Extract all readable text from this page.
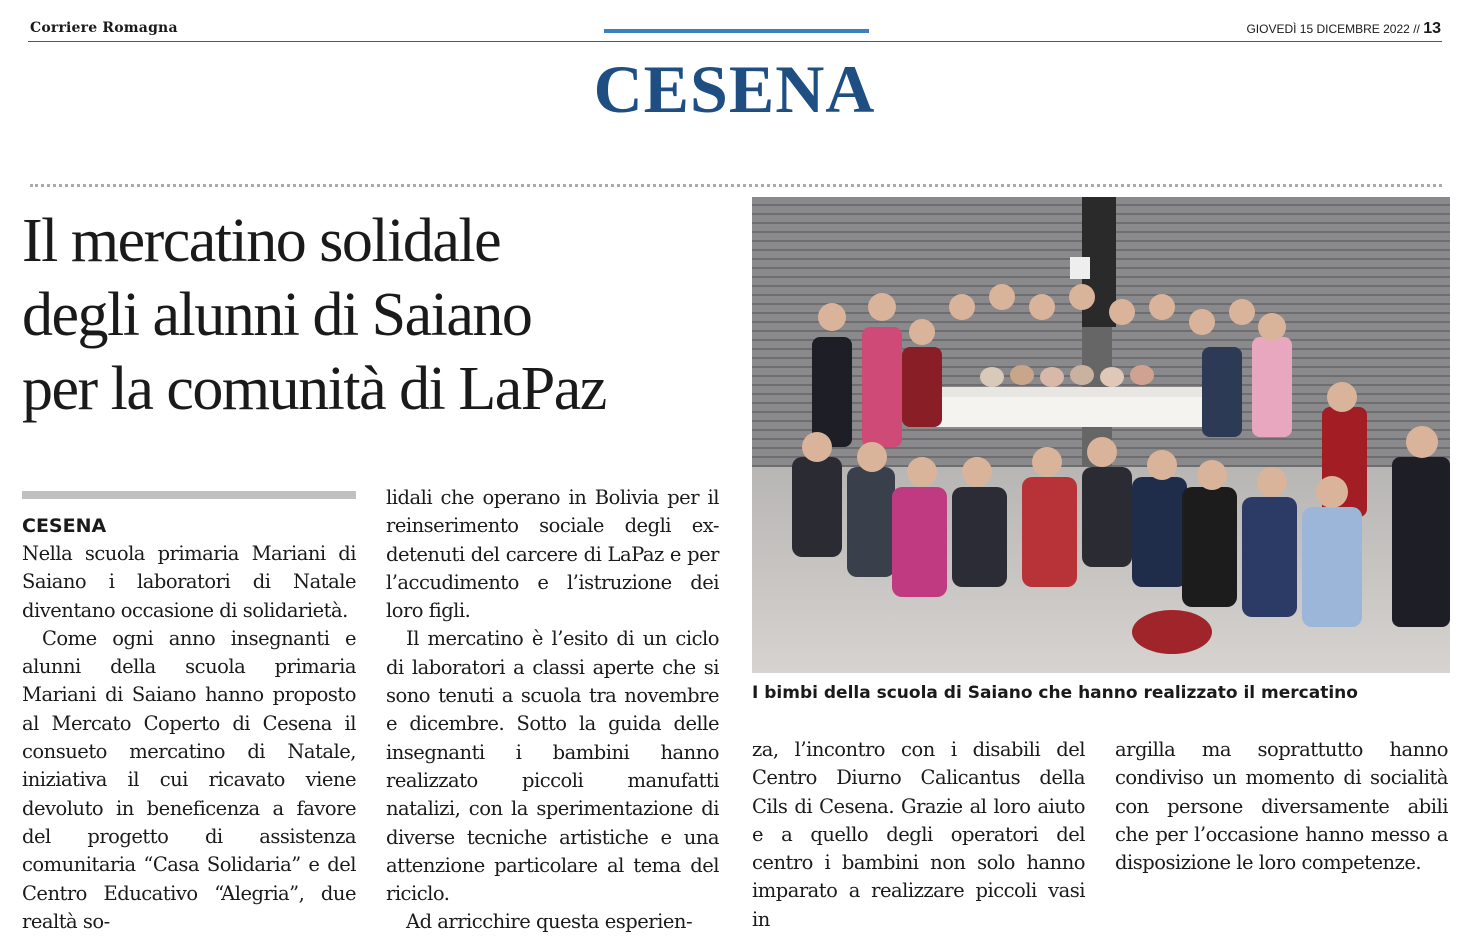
Corriere Romagna	GIOVEDÌ 15 DICEMBRE 2022 // 13
CESENA
Il mercatino solidale
degli alunni di Saiano
per la comunità di LaPaz
CESENA

Nella scuola primaria Mariani di Saiano i laboratori di Natale diventano occasione di solidarietà.

Come ogni anno insegnanti e alunni della scuola primaria Mariani di Saiano hanno proposto al Mercato Coperto di Cesena il consueto mercatino di Natale, iniziativa il cui ricavato viene devoluto in beneficenza a favore del progetto di assistenza comunitaria “Casa Solidaria” e del Centro Educativo “Alegria”, due realtà so-

lidali che operano in Bolivia per il reinserimento sociale degli ex-detenuti del carcere di LaPaz e per l’accudimento e l’istruzione dei loro figli.

Il mercatino è l’esito di un ciclo di laboratori a classi aperte che si sono tenuti a scuola tra novembre e dicembre. Sotto la guida delle insegnanti i bambini hanno realizzato piccoli manufatti natalizi, con la sperimentazione di diverse tecniche artistiche e una attenzione particolare al tema del riciclo.

Ad arricchire questa esperien-

I bimbi della scuola di Saiano che hanno realizzato il mercatino

za, l’incontro con i disabili del Centro Diurno Calicantus della Cils di Cesena. Grazie al loro aiuto e a quello degli operatori del centro i bambini non solo hanno imparato a realizzare piccoli vasi in

argilla ma soprattutto hanno condiviso un momento di socialità con persone diversamente abili che per l’occasione hanno messo a disposizione le loro competenze.
